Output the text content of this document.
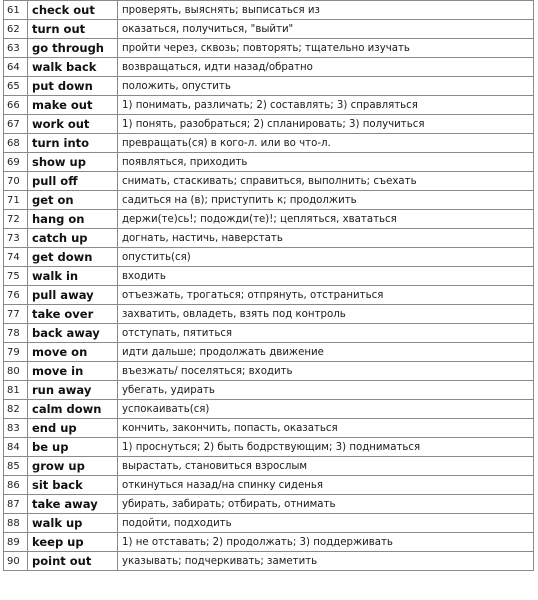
61	check out	проверять, выяснять; выписаться из
62	turn out	оказаться, получиться, "выйти"
63	go through	пройти через, сквозь; повторять; тщательно изучать
64	walk back	возвращаться, идти назад/обратно
65	put down	положить, опустить
66	make out	1) понимать, различать; 2) составлять; 3) справляться
67	work out	1) понять, разобраться; 2) спланировать; 3) получиться
68	turn into	превращать(ся) в кого-л. или во что-л.
69	show up	появляться, приходить
70	pull off	снимать, стаскивать; справиться, выполнить; съехать
71	get on	садиться на (в); приступить к; продолжить
72	hang on	держи(те)сь!; подожди(те)!; цепляться, хвататься
73	catch up	догнать, настичь, наверстать
74	get down	опустить(ся)
75	walk in	входить
76	pull away	отъезжать, трогаться; отпрянуть, отстраниться
77	take over	захватить, овладеть, взять под контроль
78	back away	отступать, пятиться
79	move on	идти дальше; продолжать движение
80	move in	въезжать/ поселяться; входить
81	run away	убегать, удирать
82	calm down	успокаивать(ся)
83	end up	кончить, закончить, попасть, оказаться
84	be up	1) проснуться; 2) быть бодрствующим; 3) подниматься
85	grow up	вырастать, становиться взрослым
86	sit back	откинуться назад/на спинку сиденья
87	take away	убирать, забирать; отбирать, отнимать
88	walk up	подойти, подходить
89	keep up	1) не отставать; 2) продолжать; 3) поддерживать
90	point out	указывать; подчеркивать; заметить
